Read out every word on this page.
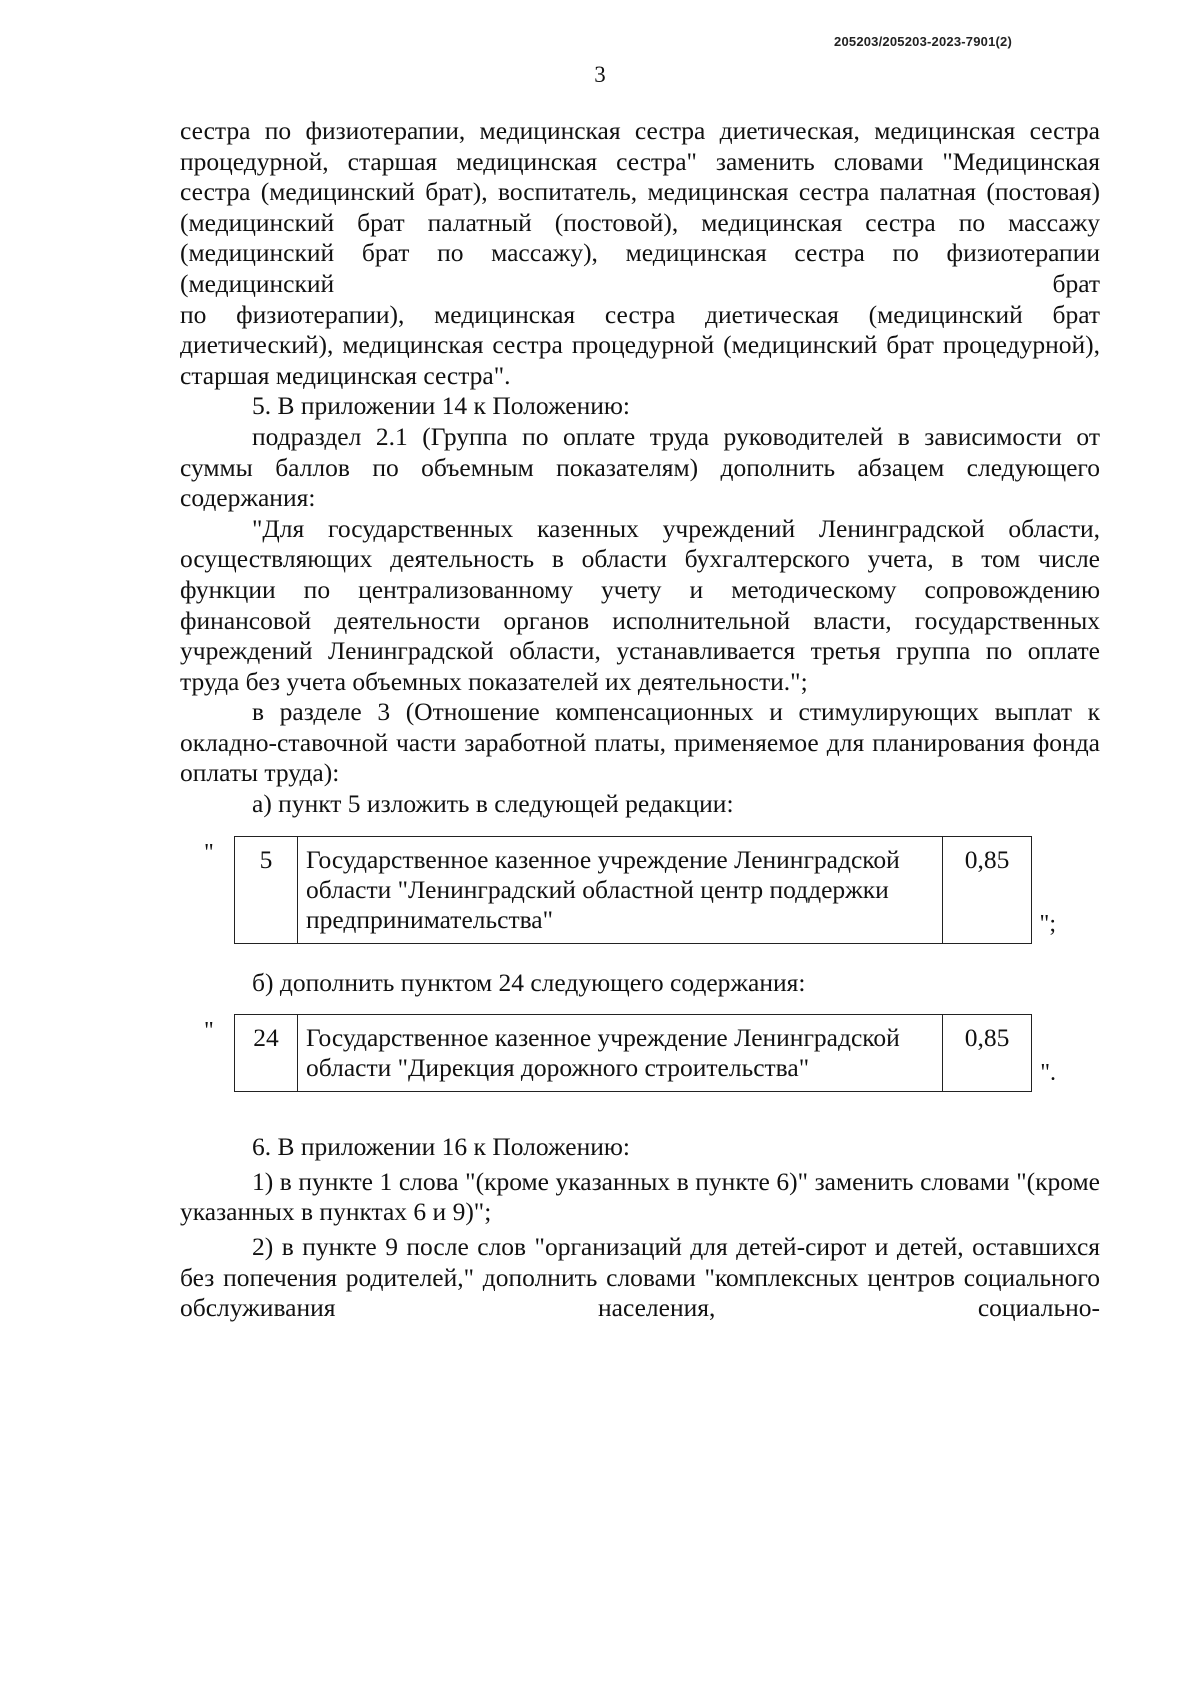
205203/205203-2023-7901(2)
3

сестра по физиотерапии, медицинская сестра диетическая, медицинская сестра процедурной, старшая медицинская сестра" заменить словами "Медицинская сестра (медицинский брат), воспитатель, медицинская сестра палатная (постовая) (медицинский брат палатный (постовой), медицинская сестра по массажу (медицинский брат по массажу), медицинская сестра по физиотерапии (медицинский брат

по физиотерапии), медицинская сестра диетическая (медицинский брат диетический), медицинская сестра процедурной (медицинский брат процедурной), старшая медицинская сестра".

5. В приложении 14 к Положению:

подраздел 2.1 (Группа по оплате труда руководителей в зависимости от суммы баллов по объемным показателям) дополнить абзацем следующего содержания:

"Для государственных казенных учреждений Ленинградской области, осуществляющих деятельность в области бухгалтерского учета, в том числе функции по централизованному учету и методическому сопровождению финансовой деятельности органов исполнительной власти, государственных учреждений Ленинградской области, устанавливается третья группа по оплате труда без учета объемных показателей их деятельности.";

в разделе 3 (Отношение компенсационных и стимулирующих выплат к окладно-ставочной части заработной платы, применяемое для планирования фонда оплаты труда):

а) пункт 5 изложить в следующей редакции:

" 5	Государственное казенное учреждение Ленинградской области "Ленинградский областной центр поддержки предпринимательства"	0,85
";

б) дополнить пунктом 24 следующего содержания:

" 24	Государственное казенное учреждение Ленинградской области "Дирекция дорожного строительства"	0,85
".

6. В приложении 16 к Положению:

1) в пункте 1 слова "(кроме указанных в пункте 6)" заменить словами "(кроме указанных в пунктах 6 и 9)";

2) в пункте 9 после слов "организаций для детей-сирот и детей, оставшихся без попечения родителей," дополнить словами "комплексных центров социального обслуживания населения, социально-
